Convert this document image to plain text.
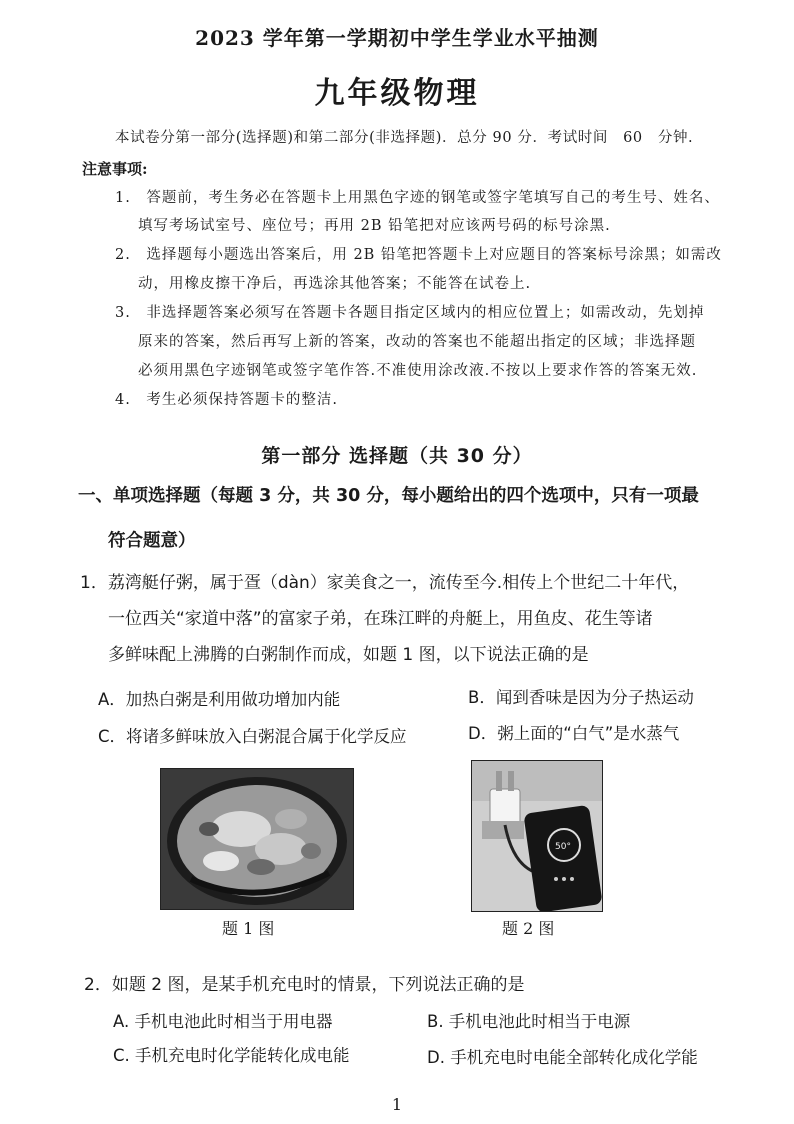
2023 学年第一学期初中学生学业水平抽测
九年级物理
本试卷分第一部分(选择题)和第二部分(非选择题)．总分 90 分．考试时间　60　分钟.
注意事项:
1.　答题前，考生务必在答题卡上用黑色字迹的钢笔或签字笔填写自己的考生号、姓名、
填写考场试室号、座位号；再用 2B 铅笔把对应该两号码的标号涂黑.
2.　选择题每小题选出答案后，用 2B 铅笔把答题卡上对应题目的答案标号涂黑；如需改
动，用橡皮擦干净后，再选涂其他答案；不能答在试卷上.
3.　非选择题答案必须写在答题卡各题目指定区域内的相应位置上；如需改动，先划掉
原来的答案，然后再写上新的答案，改动的答案也不能超出指定的区域；非选择题
必须用黑色字迹钢笔或签字笔作答.不准使用涂改液.不按以上要求作答的答案无效.
4.　考生必须保持答题卡的整洁.
第一部分 选择题（共 30 分）
一、单项选择题（每题 3 分，共 30 分，每小题给出的四个选项中，只有一项最
符合题意）
1．荔湾艇仔粥，属于疍（dàn）家美食之一，流传至今.相传上个世纪二十年代，
一位西关“家道中落”的富家子弟，在珠江畔的舟艇上，用鱼皮、花生等诸
多鲜味配上沸腾的白粥制作而成，如题 1 图，以下说法正确的是
A．加热白粥是利用做功增加内能	B．闻到香味是因为分子热运动
C．将诸多鲜味放入白粥混合属于化学反应	D．粥上面的“白气”是水蒸气
题 1 图
50°
题 2 图
2．如题 2 图，是某手机充电时的情景，下列说法正确的是
A. 手机电池此时相当于用电器	B. 手机电池此时相当于电源
C. 手机充电时化学能转化成电能	D. 手机充电时电能全部转化成化学能
1
